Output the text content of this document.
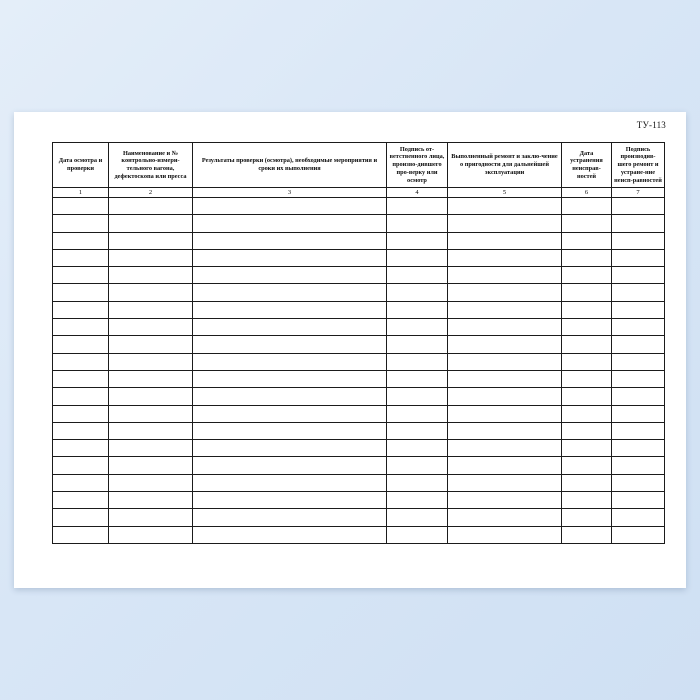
ТУ-113
Дата осмотра и проверки	Наименование и № контрольно-измери-тельного вагона, дефектоскопа или пресса	Результаты проверки (осмотра), необходимые мероприятия и сроки их выполнения	Подпись от-ветственного лица, произво-дившего про-верку или осмотр	Выполненный ремонт и заклю-чение о пригодности для дальнейшей эксплуатации	Дата устранения неисправ-ностей	Подпись производив-шего ремонт и устране-ние неисп-равностей

1	2	3	4	5	6	7
